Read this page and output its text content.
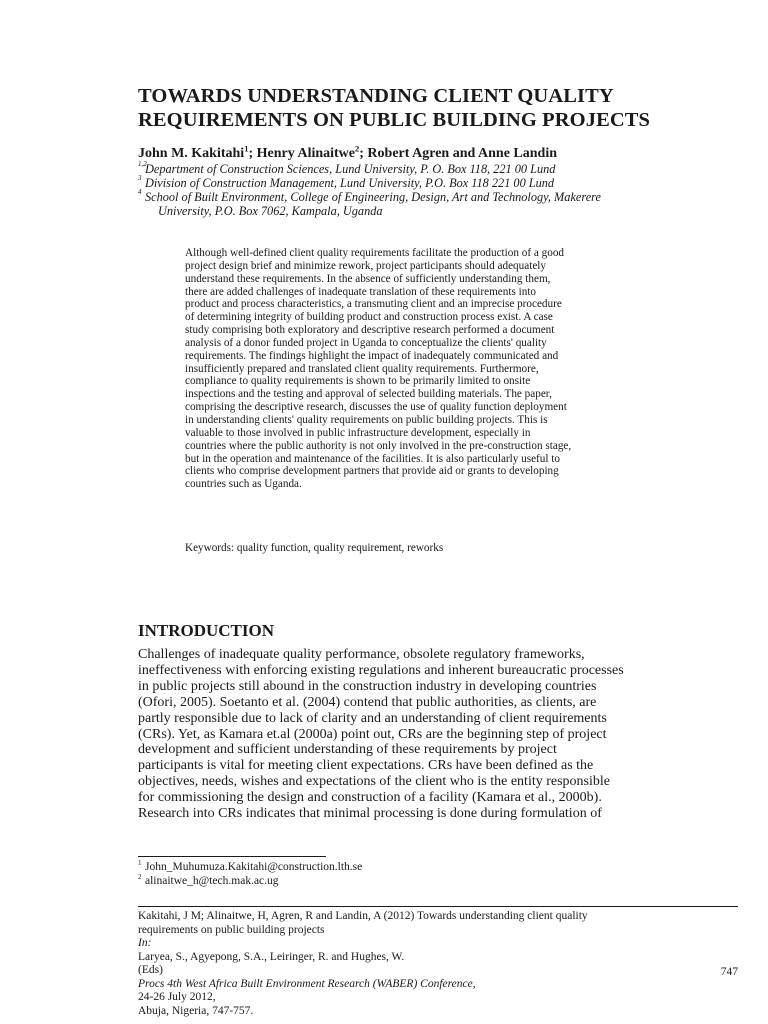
TOWARDS UNDERSTANDING CLIENT QUALITY
REQUIREMENTS ON PUBLIC BUILDING PROJECTS

John M. Kakitahi$^1$; Henry Alinaitwe$^2$; Robert Agren and Anne Landin

1,2
Department of Construction Sciences, Lund University, P. O. Box 118, 221 00 Lund
3 Division of Construction Management, Lund University, P.O. Box 118 221 00 Lund
4 School of Built Environment, College of Engineering, Design, Art and Technology, Makerere
University, P.O. Box 7062, Kampala, Uganda
Although well-defined client quality requirements facilitate the production of a good
project design brief and minimize rework, project participants should adequately
understand these requirements. In the absence of sufficiently understanding them,
there are added challenges of inadequate translation of these requirements into
product and process characteristics, a transmuting client and an imprecise procedure
of determining integrity of building product and construction process exist. A case
study comprising both exploratory and descriptive research performed a document
analysis of a donor funded project in Uganda to conceptualize the clients' quality
requirements. The findings highlight the impact of inadequately communicated and
insufficiently prepared and translated client quality requirements. Furthermore,
compliance to quality requirements is shown to be primarily limited to onsite
inspections and the testing and approval of selected building materials. The paper,
comprising the descriptive research, discusses the use of quality function deployment
in understanding clients' quality requirements on public building projects. This is
valuable to those involved in public infrastructure development, especially in
countries where the public authority is not only involved in the pre-construction stage,
but in the operation and maintenance of the facilities. It is also particularly useful to
clients who comprise development partners that provide aid or grants to developing
countries such as Uganda.

Keywords: quality function, quality requirement, reworks

INTRODUCTION
Challenges of inadequate quality performance, obsolete regulatory frameworks,
ineffectiveness with enforcing existing regulations and inherent bureaucratic processes
in public projects still abound in the construction industry in developing countries
(Ofori, 2005). Soetanto et al. (2004) contend that public authorities, as clients, are
partly responsible due to lack of clarity and an understanding of client requirements
(CRs). Yet, as Kamara et.al (2000a) point out, CRs are the beginning step of project
development and sufficient understanding of these requirements by project
participants is vital for meeting client expectations. CRs have been defined as the
objectives, needs, wishes and expectations of the client who is the entity responsible
for commissioning the design and construction of a facility (Kamara et al., 2000b).
Research into CRs indicates that minimal processing is done during formulation of
1 John_Muhumuza.Kakitahi@construction.lth.se
2 alinaitwe_h@tech.mak.ac.ug
Kakitahi, J M; Alinaitwe, H, Agren, R and Landin, A (2012) Towards understanding client quality
requirements on public building projects
In:
Laryea, S., Agyepong, S.A., Leiringer, R. and Hughes, W.
(Eds)
Procs 4th West Africa Built Environment Research (WABER) Conference,
24-26 July 2012,
Abuja, Nigeria, 747-757.
747
